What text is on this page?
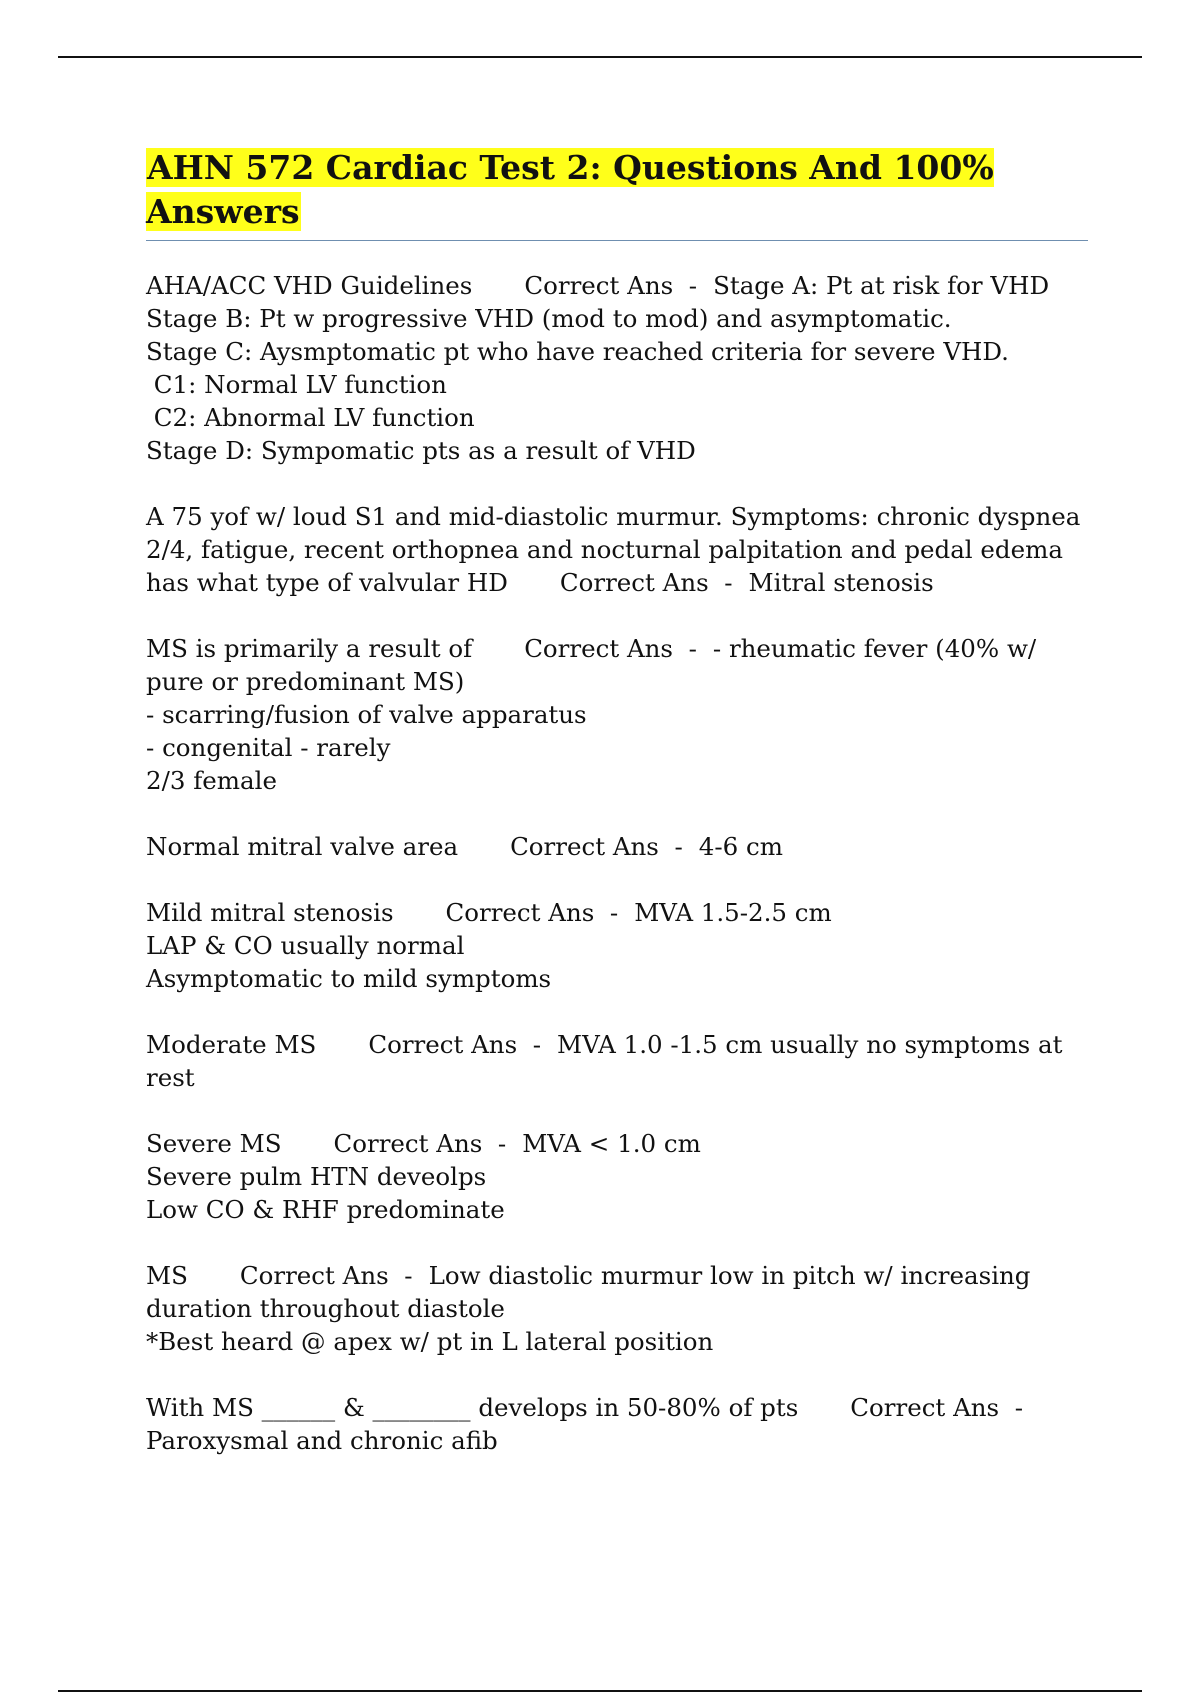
AHN 572 Cardiac Test 2: Questions And 100% Answers

AHA/ACC VHD Guidelines Correct Ans  - Stage A: Pt at risk for VHD
Stage B: Pt w progressive VHD (mod to mod) and asymptomatic.
Stage C: Aysmptomatic pt who have reached criteria for severe VHD.
C1: Normal LV function
C2: Abnormal LV function
Stage D: Sympomatic pts as a result of VHD

A 75 yof w/ loud S1 and mid-diastolic murmur. Symptoms: chronic dyspnea 2/4, fatigue, recent orthopnea and nocturnal palpitation and pedal edema has what type of valvular HD Correct Ans  - Mitral stenosis

MS is primarily a result of Correct Ans  - - rheumatic fever (40% w/ pure or predominant MS)
- scarring/fusion of valve apparatus
- congenital - rarely
2/3 female

Normal mitral valve area Correct Ans  - 4-6 cm

Mild mitral stenosis Correct Ans  - MVA 1.5-2.5 cm
LAP & CO usually normal
Asymptomatic to mild symptoms

Moderate MS Correct Ans  - MVA 1.0 -1.5 cm usually no symptoms at rest

Severe MS Correct Ans  - MVA < 1.0 cm
Severe pulm HTN deveolps
Low CO & RHF predominate

MS Correct Ans  - Low diastolic murmur low in pitch w/ increasing duration throughout diastole
*Best heard @ apex w/ pt in L lateral position

With MS ______ & ________ develops in 50-80% of pts Correct Ans  -Paroxysmal and chronic afib
